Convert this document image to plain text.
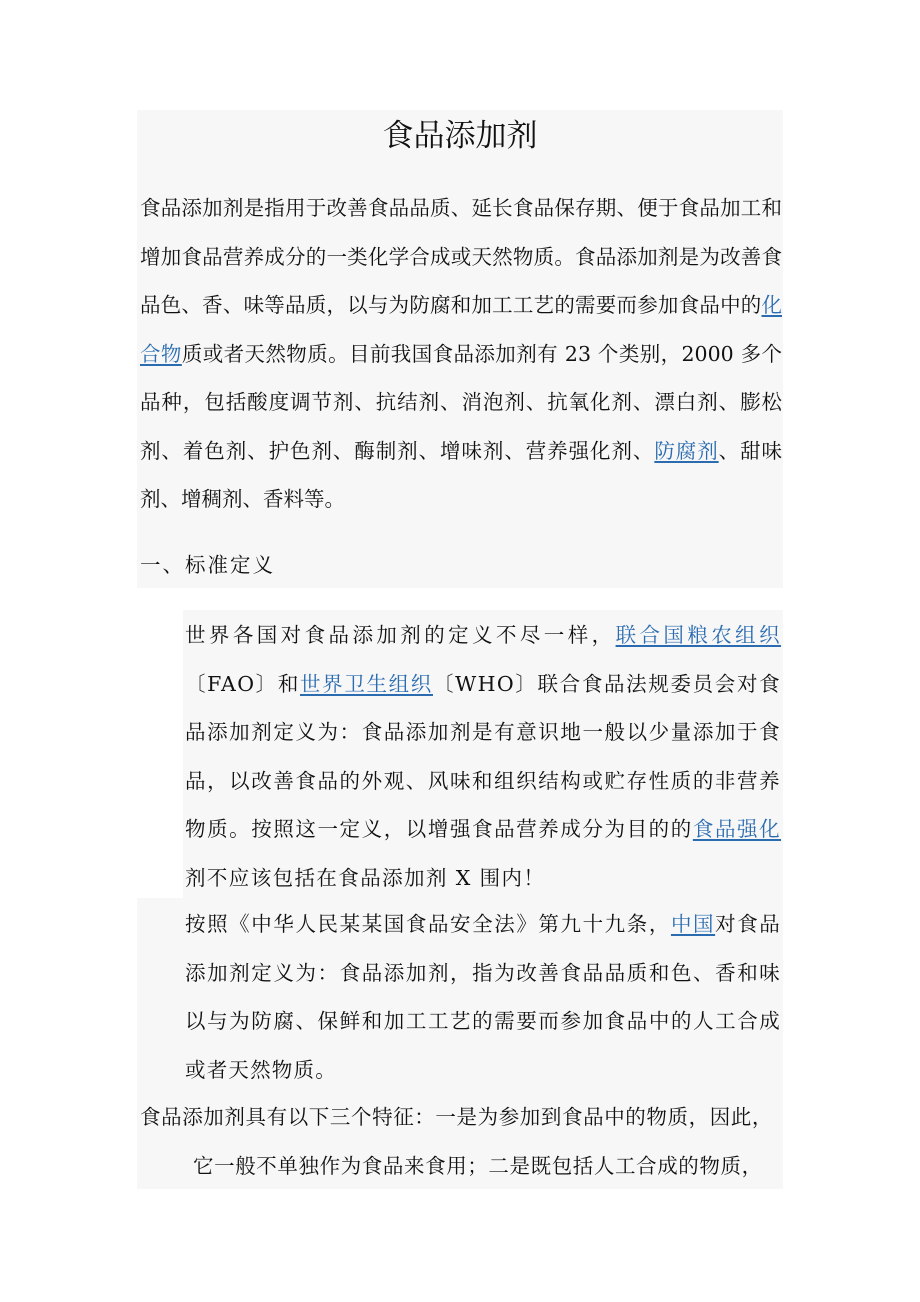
食品添加剂

食品添加剂是指用于改善食品品质、延长食品保存期、便于食品加工和增加食品营养成分的一类化学合成或天然物质。食品添加剂是为改善食品色、香、味等品质，以与为防腐和加工工艺的需要而参加食品中的化合物质或者天然物质。目前我国食品添加剂有 23 个类别，2000 多个品种，包括酸度调节剂、抗结剂、消泡剂、抗氧化剂、漂白剂、膨松剂、着色剂、护色剂、酶制剂、增味剂、营养强化剂、防腐剂、甜味剂、增稠剂、香料等。

一、标准定义

世界各国对食品添加剂的定义不尽一样，联合国粮农组织〔FAO〕和世界卫生组织〔WHO〕联合食品法规委员会对食品添加剂定义为：食品添加剂是有意识地一般以少量添加于食品，以改善食品的外观、风味和组织结构或贮存性质的非营养物质。按照这一定义，以增强食品营养成分为目的的食品强化剂不应该包括在食品添加剂 X 围内！

按照《中华人民某某国食品安全法》第九十九条，中国对食品添加剂定义为：食品添加剂，指为改善食品品质和色、香和味以与为防腐、保鲜和加工工艺的需要而参加食品中的人工合成或者天然物质。

食品添加剂具有以下三个特征：一是为参加到食品中的物质，因此，

它一般不单独作为食品来食用；二是既包括人工合成的物质，
